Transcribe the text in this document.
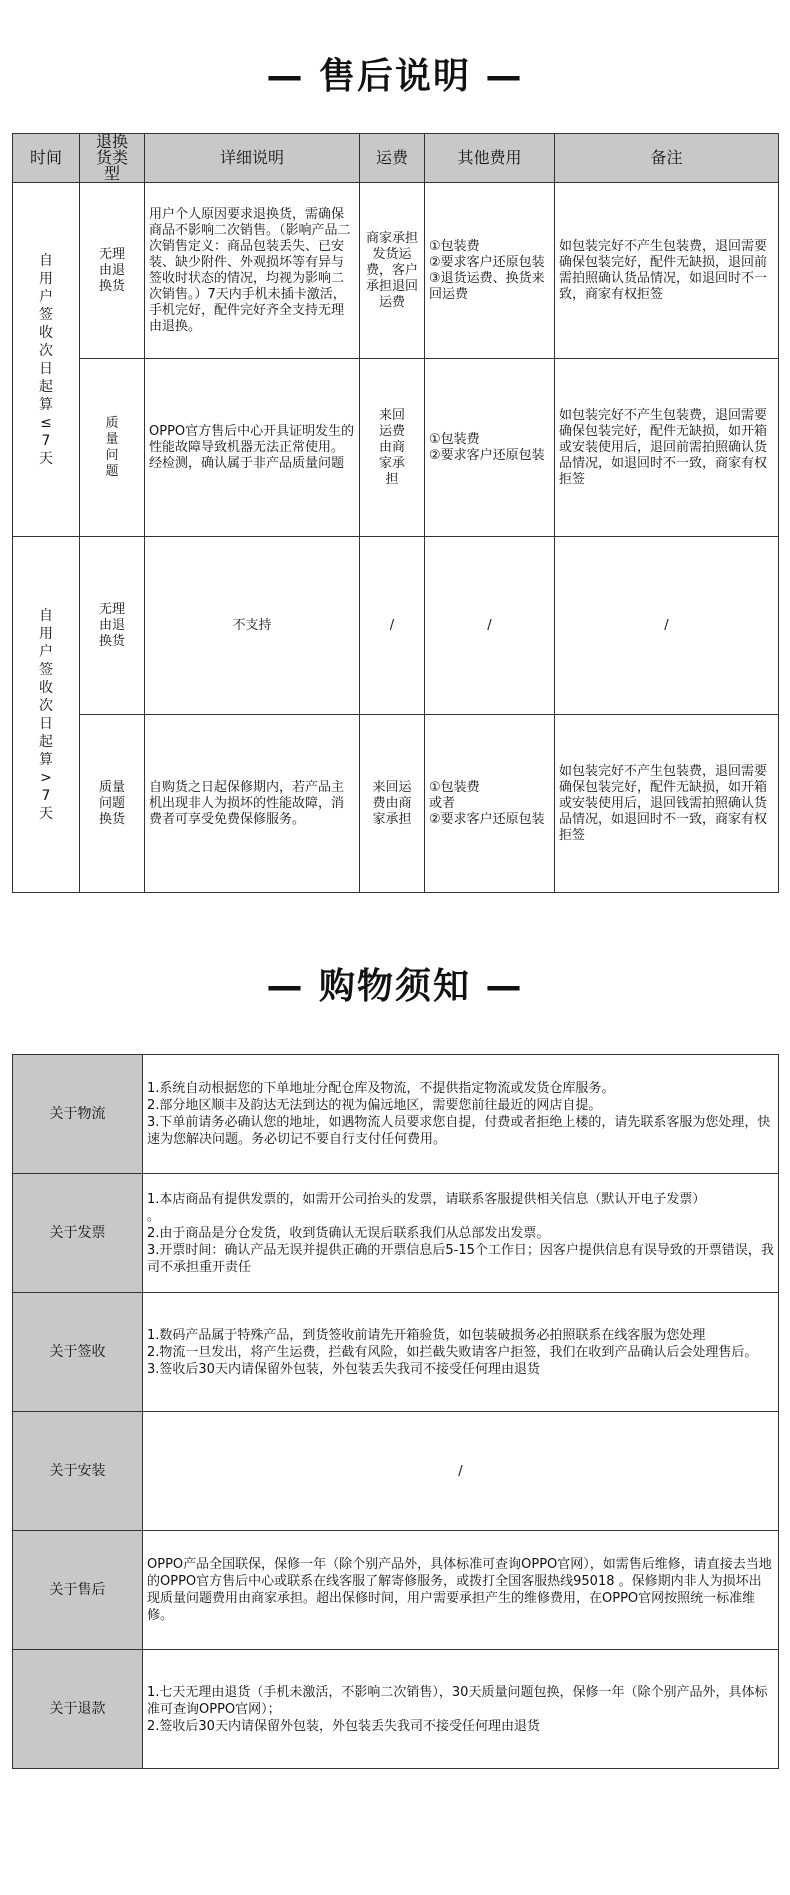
— 售后说明 —
时间	退换货类型	详细说明	运费	其他费用	备注
自用户签收次日起算≤7天	无理由退换货	用户个人原因要求退换货，需确保商品不影响二次销售。（影响产品二次销售定义：商品包装丢失、已安装、缺少附件、外观损坏等有异与签收时状态的情况，均视为影响二次销售。）7天内手机未插卡激活，手机完好，配件完好齐全支持无理由退换。	商家承担发货运费，客户承担退回运费	①包装费
②要求客户还原包装
③退货运费、换货来回运费	如包装完好不产生包装费，退回需要确保包装完好，配件无缺损，退回前需拍照确认货品情况，如退回时不一致，商家有权拒签
	质量问题	OPPO官方售后中心开具证明发生的性能故障导致机器无法正常使用。经检测，确认属于非产品质量问题	来回运费由商家承担	①包装费
②要求客户还原包装	如包装完好不产生包装费，退回需要确保包装完好，配件无缺损，如开箱或安装使用后，退回前需拍照确认货品情况，如退回时不一致，商家有权拒签
自用户签收次日起算>7天	无理由退换货	不支持	/	/	/
	质量问题换货	自购货之日起保修期内，若产品主机出现非人为损坏的性能故障，消费者可享受免费保修服务。	来回运费由商家承担	①包装费
或者
②要求客户还原包装	如包装完好不产生包装费，退回需要确保包装完好，配件无缺损，如开箱或安装使用后，退回钱需拍照确认货品情况，如退回时不一致，商家有权拒签
— 购物须知 —
关于物流	1.系统自动根据您的下单地址分配仓库及物流，不提供指定物流或发货仓库服务。
2.部分地区顺丰及韵达无法到达的视为偏远地区，需要您前往最近的网店自提。
3.下单前请务必确认您的地址，如遇物流人员要求您自提，付费或者拒绝上楼的，请先联系客服为您处理，快速为您解决问题。务必切记不要自行支付任何费用。

关于发票	1.本店商品有提供发票的，如需开公司抬头的发票，请联系客服提供相关信息（默认开电子发票）
。
2.由于商品是分仓发货，收到货确认无误后联系我们从总部发出发票。
3.开票时间：确认产品无误并提供正确的开票信息后5-15个工作日；因客户提供信息有误导致的开票错误，我司不承担重开责任

关于签收	1.数码产品属于特殊产品，到货签收前请先开箱验货，如包装破损务必拍照联系在线客服为您处理
2.物流一旦发出，将产生运费，拦截有风险，如拦截失败请客户拒签，我们在收到产品确认后会处理售后。
3.签收后30天内请保留外包装，外包装丢失我司不接受任何理由退货

关于安装	/

关于售后	OPPO产品全国联保，保修一年（除个别产品外，具体标准可查询OPPO官网），如需售后维修，请直接去当地的OPPO官方售后中心或联系在线客服了解寄修服务，或拨打全国客服热线95018 。保修期内非人为损坏出现质量问题费用由商家承担。超出保修时间，用户需要承担产生的维修费用，在OPPO官网按照统一标准维修。

关于退款	1.七天无理由退货（手机未激活，不影响二次销售），30天质量问题包换，保修一年（除个别产品外，具体标准可查询OPPO官网）；
2.签收后30天内请保留外包装，外包装丢失我司不接受任何理由退货
